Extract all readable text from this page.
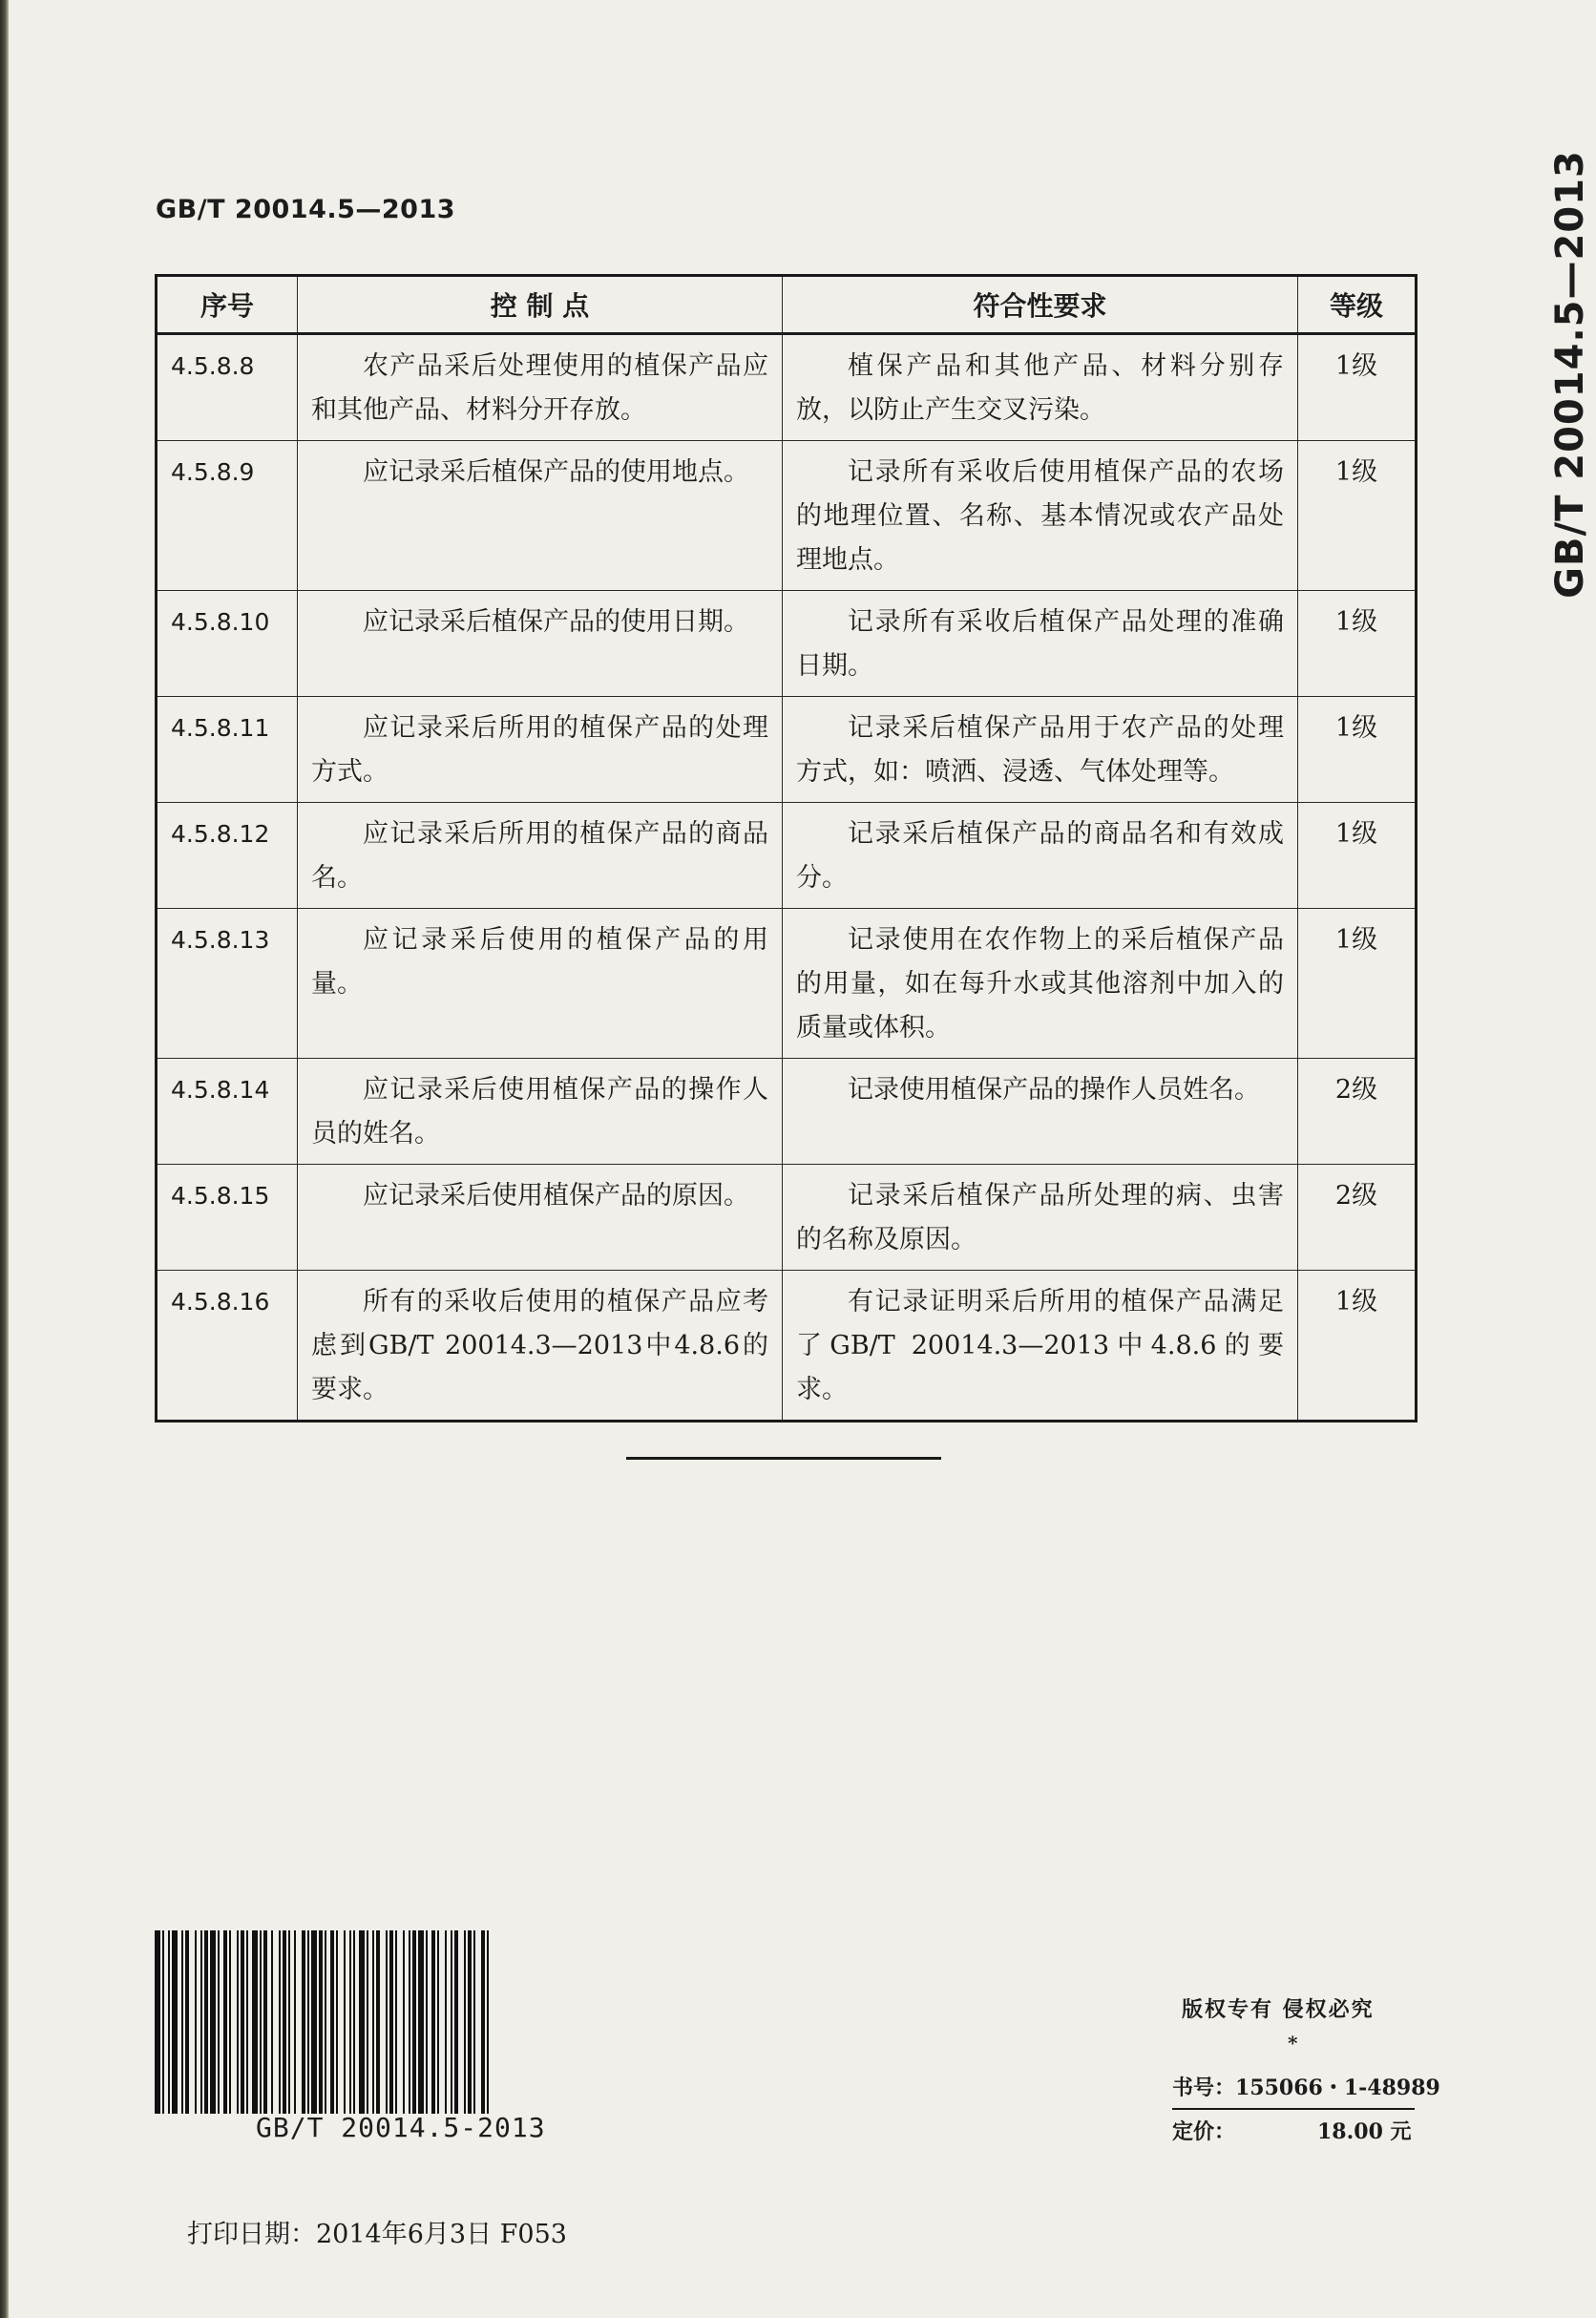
GB/T 20014.5—2013	GB/T 20014.5—2013
序号	控 制 点	符合性要求	等级
4.5.8.8	农产品采后处理使用的植保产品应和其他产品、材料分开存放。	植保产品和其他产品、材料分别存放，以防止产生交叉污染。	1级
4.5.8.9	应记录采后植保产品的使用地点。	记录所有采收后使用植保产品的农场的地理位置、名称、基本情况或农产品处理地点。	1级
4.5.8.10	应记录采后植保产品的使用日期。	记录所有采收后植保产品处理的准确日期。	1级
4.5.8.11	应记录采后所用的植保产品的处理方式。	记录采后植保产品用于农产品的处理方式，如：喷洒、浸透、气体处理等。	1级
4.5.8.12	应记录采后所用的植保产品的商品名。	记录采后植保产品的商品名和有效成分。	1级
4.5.8.13	应记录采后使用的植保产品的用量。	记录使用在农作物上的采后植保产品的用量，如在每升水或其他溶剂中加入的质量或体积。	1级
4.5.8.14	应记录采后使用植保产品的操作人员的姓名。	记录使用植保产品的操作人员姓名。	2级
4.5.8.15	应记录采后使用植保产品的原因。	记录采后植保产品所处理的病、虫害的名称及原因。	2级
4.5.8.16	所有的采收后使用的植保产品应考虑到GB/T 20014.3—2013中4.8.6的要求。	有记录证明采后所用的植保产品满足了GB/T 20014.3—2013中4.8.6的要求。	1级
GB/T 20014.5-2013
版权专有 侵权必究
*
书号：155066・1-48989
定价：	18.00 元
打印日期：2014年6月3日 F053
